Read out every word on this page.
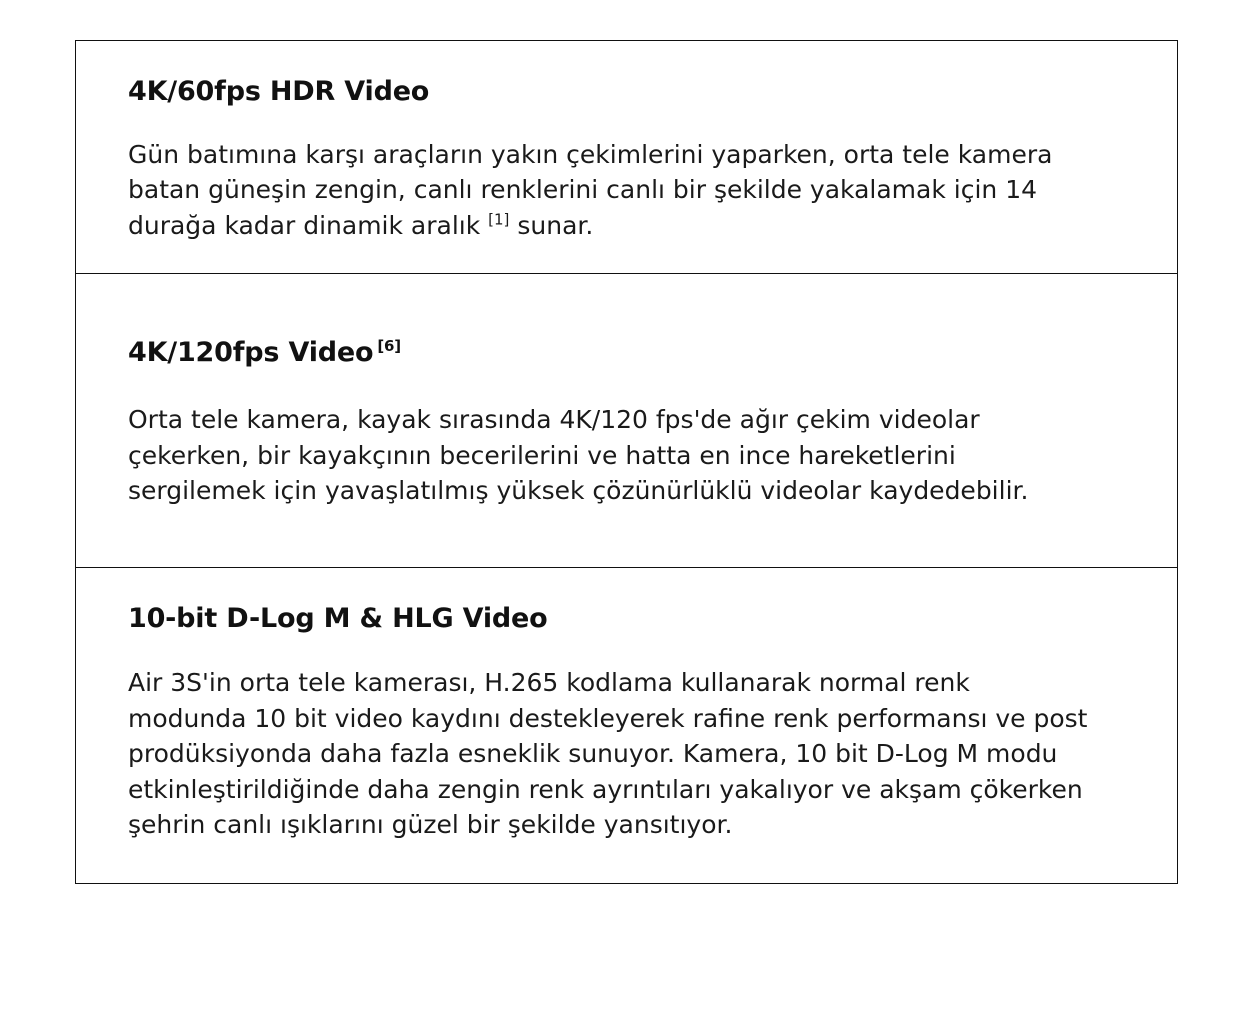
4K/60fps HDR Video

Gün batımına karşı araçların yakın çekimlerini yaparken, orta tele kamera batan güneşin zengin, canlı renklerini canlı bir şekilde yakalamak için 14 durağa kadar dinamik aralık [1] sunar.

4K/120fps Video [6]

Orta tele kamera, kayak sırasında 4K/120 fps'de ağır çekim videolar çekerken, bir kayakçının becerilerini ve hatta en ince hareketlerini sergilemek için yavaşlatılmış yüksek çözünürlüklü videolar kaydedebilir.

10-bit D-Log M & HLG Video

Air 3S'in orta tele kamerası, H.265 kodlama kullanarak normal renk modunda 10 bit video kaydını destekleyerek rafine renk performansı ve post prodüksiyonda daha fazla esneklik sunuyor. Kamera, 10 bit D-Log M modu etkinleştirildiğinde daha zengin renk ayrıntıları yakalıyor ve akşam çökerken şehrin canlı ışıklarını güzel bir şekilde yansıtıyor.
